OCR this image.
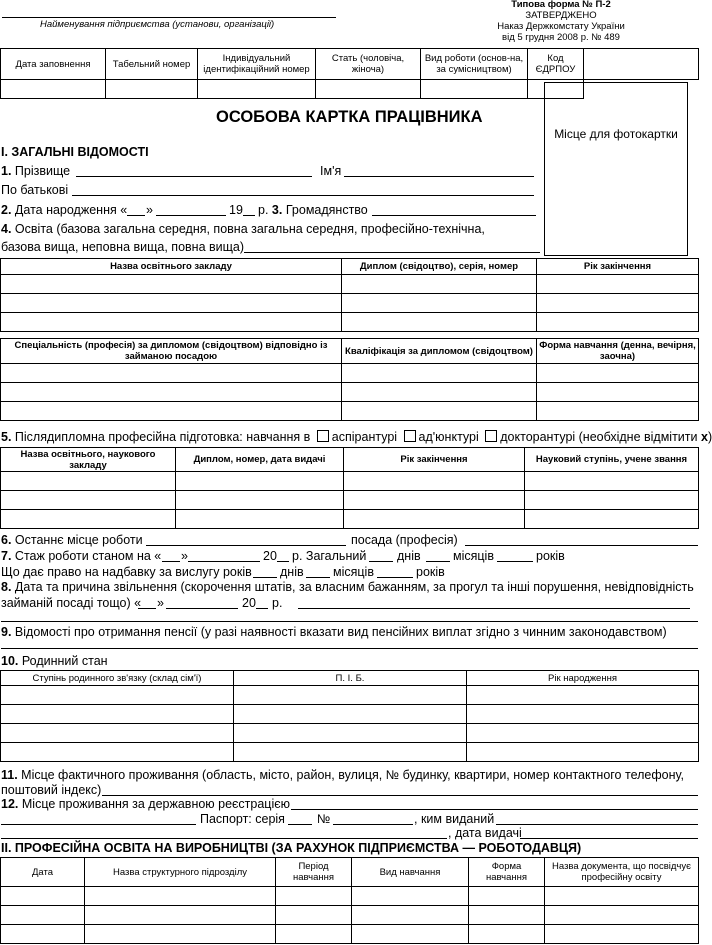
Найменування підприємства (установи, організації)
Типова форма № П-2
ЗАТВЕРДЖЕНО
Наказ Держкомстату України
від 5 грудня 2008 р. № 489
Дата заповнення	Табельний номер	Індивідуальний ідентифікаційний номер	Стать (чоловіча, жіноча)	Вид роботи (основ-на, за сумісництвом)	Код ЄДРПОУ	

ОСОБОВА КАРТКА ПРАЦІВНИКА
Місце для фотокартки
I. ЗАГАЛЬНІ ВІДОМОСТІ
1. Прізвище	Ім'я
По батькові
2. Дата народження « »	19 р. 3. Громадянство
4. Освіта (базова загальна середня, повна загальна середня, професійно-технічна,
базова вища, неповна вища, повна вища)
Назва освітнього закладу	Диплом (свідоцтво), серія, номер	Рік закінчення

Спеціальність (професія) за дипломом (свідоцтвом) відповідно із займаною посадою	Кваліфікація за дипломом (свідоцтвом)	Форма навчання (денна, вечірня, заочна)

5. Післядипломна професійна підготовка: навчання в аспірантурі ад'юнктурі докторантурі (необхідне відмітити х)
Назва освітнього, наукового закладу	Диплом, номер, дата видачі	Рік закінчення	Науковий ступінь, учене звання

6. Останнє місце роботи	посада (професія)
7. Стаж роботи станом на « »	20 р. Загальний днів	місяців	років
Що дає право на надбавку за вислугу років днів місяців	років
8. Дата та причина звільнення (скорочення штатів, за власним бажанням, за прогул та інші порушення, невідповідність
займаній посаді тощо) « »	20 р.
9. Відомості про отримання пенсії (у разі наявності вказати вид пенсійних виплат згідно з чинним законодавством)
10. Родинний стан
Ступінь родинного зв'язку (склад сім'ї)	П. І. Б.	Рік народження

11. Місце фактичного проживання (область, місто, район, вулиця, № будинку, квартири, номер контактного телефону,
поштовий індекс)
12. Місце проживання за державною реєстрацією
Паспорт: серія	№	, ким виданий
, дата видачі
II. ПРОФЕСІЙНА ОСВІТА НА ВИРОБНИЦТВІ (ЗА РАХУНОК ПІДПРИЄМСТВА — РОБОТОДАВЦЯ)
Дата	Назва структурного підрозділу	Період навчання	Вид навчання	Форма навчання	Назва документа, що посвідчує професійну освіту
